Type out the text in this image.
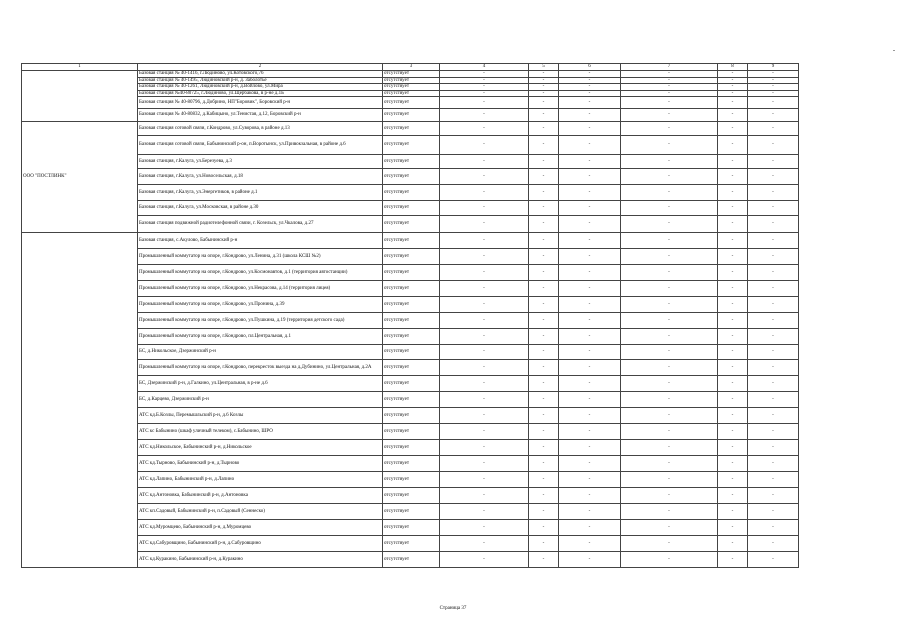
1	2	3	4	5	6	7	8	9

	Базовая станция № 40-1416, г.Людиново, ул.Котовского,76	отсутствует	-	-	-	-	-	-
	Базовая станция № 40-1495, Людиновский р-н, д. Заболотье	отсутствует	-	-	-	-	-	-
	Базовая станция № 40-1261, Людиновский р-н, д.Войлово, ул.Мира	отсутствует	-	-	-	-	-	-
	Базовая станция №40-80725, г.Людиново, ул.Щербакова, в р-не д.1Б	отсутствует	-	-	-	-	-	-
	Базовая станция № 40-80796, д.Добрино, НП"Боровик", Боровский р-н	отсутствует	-	-	-	-	-	-
	Базовая станция № 40-80832, д.Кабицыно, ул.Тенистая, д.12, Боровский р-н	отсутствует	-	-	-	-	-	-

ООО "ПОСТЛИНК"	Базовая станция сотовой связи, г.Кондрово, ул.Суворова, в районе д.13	отсутствует	-	-	-	-	-	-
	Базовая станция сотовой связи, Бабынинский р-он, п.Воротынск, ул.Привокзальная, в районе д.6	отсутствует	-	-	-	-	-	-
	Базовая станция, г.Калуга, ул.Березуева, д.3	отсутствует	-	-	-	-	-	-
	Базовая станция, г.Калуга, ул.Новосельская, д.18	отсутствует	-	-	-	-	-	-
	Базовая станция, г.Калуга, ул.Энергетиков, в районе д.1	отсутствует	-	-	-	-	-	-
	Базовая станция, г.Калуга, ул.Московская, в районе д.30	отсутствует	-	-	-	-	-	-
	Базовая станция подвижной радиотелефонной связи, г. Козельск, ул.Чкалова, д.27	отсутствует	-	-	-	-	-	-

	Базовая станция, с.Акулово, Бабынинский р-н	отсутствует	-	-	-	-	-	-
	Промышленный коммутатор на опоре, г.Кондрово, ул.Ленина, д.31 (школа КСШ №2)	отсутствует	-	-	-	-	-	-
	Промышленный коммутатор на опоре, г.Кондрово, ул.Космонавтов, д.1 (территория автостанции)	отсутствует	-	-	-	-	-	-
	Промышленный коммутатор на опоре, г.Кондрово, ул.Некрасова, д.14 (территория лицея)	отсутствует	-	-	-	-	-	-
	Промышленный коммутатор на опоре, г.Кондрово, ул.Пронина, д.39	отсутствует	-	-	-	-	-	-
	Промышленный коммутатор на опоре, г.Кондрово, ул.Пушкина, д.19 (территория детского сада)	отсутствует	-	-	-	-	-	-
	Промышленный коммутатор на опоре, г.Кондрово, пл.Центральная, д.1	отсутствует	-	-	-	-	-	-
	БС, д.Никольское, Дзержинский р-н	отсутствует	-	-	-	-	-	-
	Промышленный коммутатор на опоре, г.Кондрово, перекресток выезда на д.Дубинино, ул.Центральная, д.2А	отсутствует	-	-	-	-	-	-
	БС, Дзержинский р-н, д.Галкино, ул.Центральная, в р-не д.6	отсутствует	-	-	-	-	-	-
	БС, д.Карцево, Дзержинский р-н	отсутствует	-	-	-	-	-	-
	АТС кд.Б.Козлы, Перемышльский р-н, д.6 Козлы	отсутствует	-	-	-	-	-	-
	АТС кс Бабынино (шкаф уличный телеком), с.Бабынино, ШРО	отсутствует	-	-	-	-	-	-
	АТС кд.Никольское, Бабынинский р-н, д.Никольское	отсутствует	-	-	-	-	-	-
	АТС кд.Тырново, Бабынинский р-н, д.Тырново	отсутствует	-	-	-	-	-	-
	АТС кд.Лапино, Бабынинский р-н, д.Лапино	отсутствует	-	-	-	-	-	-
	АТС кд.Антоновка, Бабынинский р-н, д.Антоновка	отсутствует	-	-	-	-	-	-
	АТС кп.Садовый, Бабынинский р-н, п.Садовый (Сеннеско)	отсутствует	-	-	-	-	-	-
	АТС кд.Муромцево, Бабынинский р-н, д.Муромцево	отсутствует	-	-	-	-	-	-
	АТС кд.Сабуровщино, Бабынинский р-н, д.Сабуровщино	отсутствует	-	-	-	-	-	-
	АТС кд.Куракино, Бабынинский р-н, д.Куракино	отсутствует	-	-	-	-	-	-
Страница 37
